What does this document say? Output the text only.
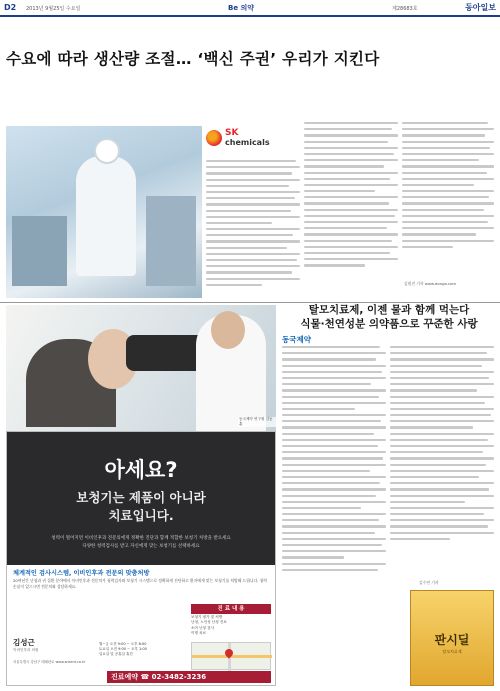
D2 2013년 9월25일 수요일	Be 의약	제28683호	동아일보
수요에 따라 생산량 조절… ‘백신 주권’ 우리가 지킨다
SK
chemicals
김원진 기자 www.donga.com
동국제약 연구원 김동훈
탈모치료제, 이젠 물과 함께 먹는다
식물·천연성분 의약품으로 꾸준한 사랑
동국제약
김수연 기자
판시딜
탈모치료제
아세요?
보청기는 제품이 아니라
치료입니다.
청력이 떨어지면 이비인후과 전문의에게 정확한 진단과 함께 적합한 보청기 처방을 받으세요
다양한 청력검사를 받고 자신에게 맞는 보청기를 선택하세요
체계적인 검사시스템, 이비인후과 전문의 맞춤처방
20여년간 난청과 귀 질환 분야에서 이비인후과 전문의가 청력검사와 보청기 시스템으로 정확하게 진단하고 환자에게 맞는 보청기를 처방해 드립니다. 청력 손실이 있으시면 전문의와 상담하세요.
진 료 내 용
보청기 평가 및 처방
난청, 노인성 난청 진료
소아 난청 검사
이명 치료
김성근
이비인후과 의원
월~금 오전 9:00 ~ 오후 6:00
토요일 오전 9:00 ~ 오후 1:00
일요일 및 공휴일 휴진
서울특별시 강남구 테헤란로 www.snkent.co.kr
진료예약 ☎ 02-3482-3236
